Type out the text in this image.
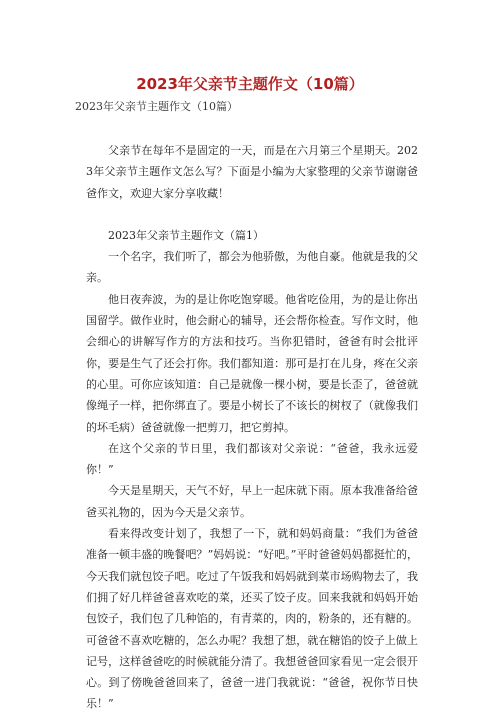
2023年父亲节主题作文（10篇）
2023年父亲节主题作文（10篇）

父亲节在每年不是固定的一天，而是在六月第三个星期天。2023年父亲节主题作文怎么写？下面是小编为大家整理的父亲节谢谢爸爸作文，欢迎大家分享收藏！

2023年父亲节主题作文（篇1）

一个名字，我们听了，都会为他骄傲，为他自豪。他就是我的父亲。

他日夜奔波，为的是让你吃饱穿暖。他省吃俭用，为的是让你出国留学。做作业时，他会耐心的辅导，还会帮你检查。写作文时，他会细心的讲解写作方的方法和技巧。当你犯错时，爸爸有时会批评你，要是生气了还会打你。我们都知道：那可是打在儿身，疼在父亲的心里。可你应该知道：自己是就像一棵小树，要是长歪了，爸爸就像绳子一样，把你绑直了。要是小树长了不该长的树杈了（就像我们的坏毛病）爸爸就像一把剪刀，把它剪掉。

在这个父亲的节日里，我们都该对父亲说：“爸爸，我永远爱你！”

今天是星期天，天气不好，早上一起床就下雨。原本我准备给爸爸买礼物的，因为今天是父亲节。

看来得改变计划了，我想了一下，就和妈妈商量：“我们为爸爸准备一顿丰盛的晚餐吧？”妈妈说：“好吧。”平时爸爸妈妈都挺忙的，今天我们就包饺子吧。吃过了午饭我和妈妈就到菜市场购物去了，我们拥了好几样爸爸喜欢吃的菜，还买了饺子皮。回来我就和妈妈开始包饺子，我们包了几种馅的，有青菜的，肉的，粉条的，还有糖的。可爸爸不喜欢吃糖的，怎么办呢？我想了想，就在糖馅的饺子上做上记号，这样爸爸吃的时候就能分清了。我想爸爸回家看见一定会很开心。到了傍晚爸爸回来了，爸爸一进门我就说：“爸爸，祝你节日快乐！”
